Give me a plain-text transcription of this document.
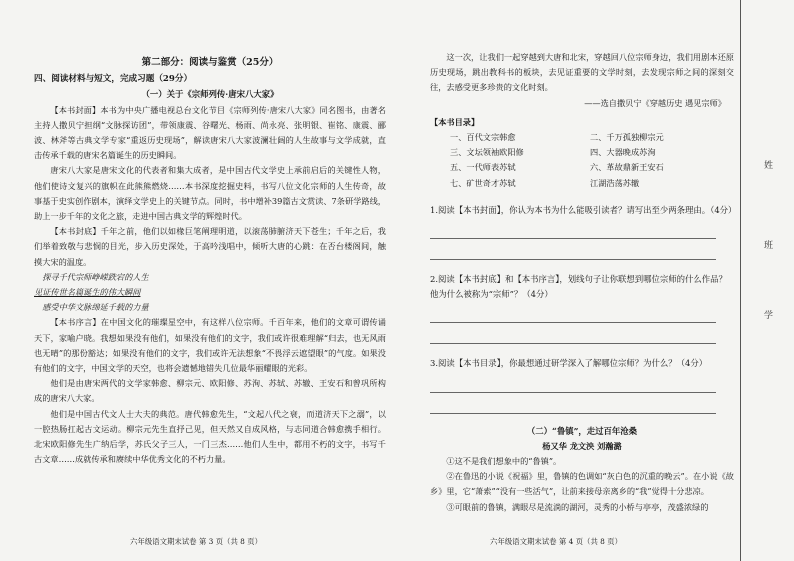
第二部分：阅读与鉴赏（25分）
四、阅读材料与短文，完成习题（29分）
（一）关于《宗师列传·唐宋八大家》

【本书封面】本书为中央广播电视总台文化节目《宗师列传·唐宋八大家》同名图书，由著名主持人撒贝宁担纲“文脉探访团”，带领康震、谷曙光、杨雨、尚永亮、张明银、崔铭、康震、郦波、林斧等古典文学专家“重返历史现场”，解读唐宋八大家波澜壮阔的人生故事与文学成就，直击传承千载的唐宋名篇诞生的历史瞬间。

唐宋八大家是唐宋文化的代表者和集大成者，是中国古代文学史上承前启后的关键性人物，他们使诗文复兴的旗帜在此熊熊燃烧……本书深度挖掘史料，书写八位文化宗师的人生传奇，故事基于史实创作剧本，演绎文学史上的关键节点。同时，书中增补39篇古文赏读、7条研学路线，助上一步千年的文化之旅，走进中国古典文学的辉煌时代。

【本书封底】千年之前，他们以如椽巨笔阐理明道，以滚荡肺腑济天下苍生；千年之后，我们举着致敬与悲悯的目光，步入历史深处，于高吟浅唱中，倾听大唐的心跳：在否台楼阁间，触摸大宋的温度。

探寻千代宗师峥嵘跌宕的人生
见证传世名篇诞生的伟大瞬间
感受中华文脉绵延千载的力量

【本书序言】在中国文化的璀璨星空中，有这样八位宗师。千百年来，他们的文章可谓传诵天下，家喻户晓。我想如果没有他们，如果没有他们的文字，我们或许很难理解“归去，也无风雨也无晴”的那份豁达；如果没有他们的文字，我们或许无法想象“不畏浮云遮望眼”的气度。如果没有他们的文字，中国文学的天空，也将会遗憾地错失几位最华丽耀眼的光彩。

他们是由唐宋两代的文学家韩愈、柳宗元、欧阳修、苏洵、苏轼、苏辙、王安石和曾巩所构成的唐宋八大家。

他们是中国古代文人士大夫的典范。唐代韩愈先生，“文起八代之衰，而道济天下之溺”，以一腔热肠扛起古文运动。柳宗元先生直抒己见，但天然又自成风格，与志同道合韩愈携手相行。北宋欧阳修先生广纳后学，苏氏父子三人，一门三杰……他们人生中，都用不朽的文字，书写千古文章……成就传承和赓续中华优秀文化的不朽力量。

六年级语文期末试卷 第 3 页（共 8 页）

这一次，让我们一起穿越到大唐和北宋，穿越回八位宗师身边，我们用剧本还原历史现场，跳出教科书的板块，去见证重要的文学时刻，去发现宗师之间的深刻交往，去感受更多珍贵的文化时刻。

——选自撒贝宁《穿越历史 遇见宗师》
【本书目录】
一、百代文宗韩愈	二、千万孤独柳宗元
三、文坛领袖欧阳修	四、大器晚成苏洵
五、一代师表苏轼	六、革故鼎新王安石
七、矿世奇才苏轼	江湖浩荡苏辙
1.阅读【本书封面】，你认为本书为什么能吸引读者？请写出至少两条理由。（4分）
2.阅读【本书封底】和【本书序言】，划线句子让你联想到哪位宗师的什么作品？他为什么被称为“宗师”？（4分）
3.阅读【本书目录】，你最想通过研学深入了解哪位宗师？为什么？（4分）
（二）“鲁镇”，走过百年沧桑
杨又华 龙文泱 刘瀚潞

①这不是我们想象中的“鲁镇”。

②在鲁迅的小说《祝福》里，鲁镇的色调如“灰白色的沉重的晚云”。在小说《故乡》里，它“萧索”“没有一些活气”，让前来接母亲离乡的“我”觉得十分悲凉。

③可眼前的鲁镇，满眼尽是流淌的湖河，灵秀的小桥与亭亭，茂盛浓绿的

六年级语文期末试卷 第 4 页（共 8 页）
姓
班
学
